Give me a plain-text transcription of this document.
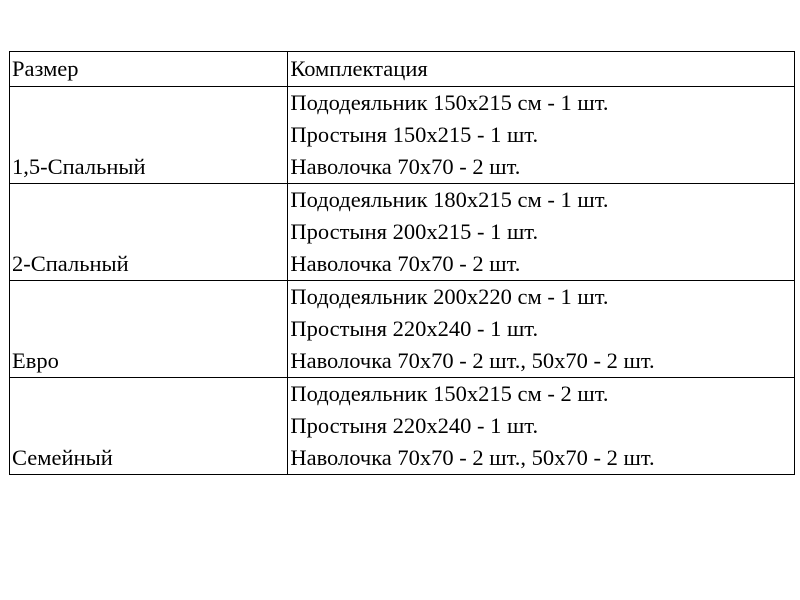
Размер	Комплектация
1,5-Спальный	Пододеяльник 150х215 см - 1 шт.
Простыня 150х215 - 1 шт.
Наволочка 70х70 - 2 шт.

2-Спальный	Пододеяльник 180х215 см - 1 шт.
Простыня 200х215 - 1 шт.
Наволочка 70х70 - 2 шт.

Евро	Пододеяльник 200х220 см - 1 шт.
Простыня 220х240 - 1 шт.
Наволочка 70х70 - 2 шт., 50х70 - 2 шт.

Семейный	Пододеяльник 150х215 см - 2 шт.
Простыня 220х240 - 1 шт.
Наволочка 70х70 - 2 шт., 50х70 - 2 шт.
